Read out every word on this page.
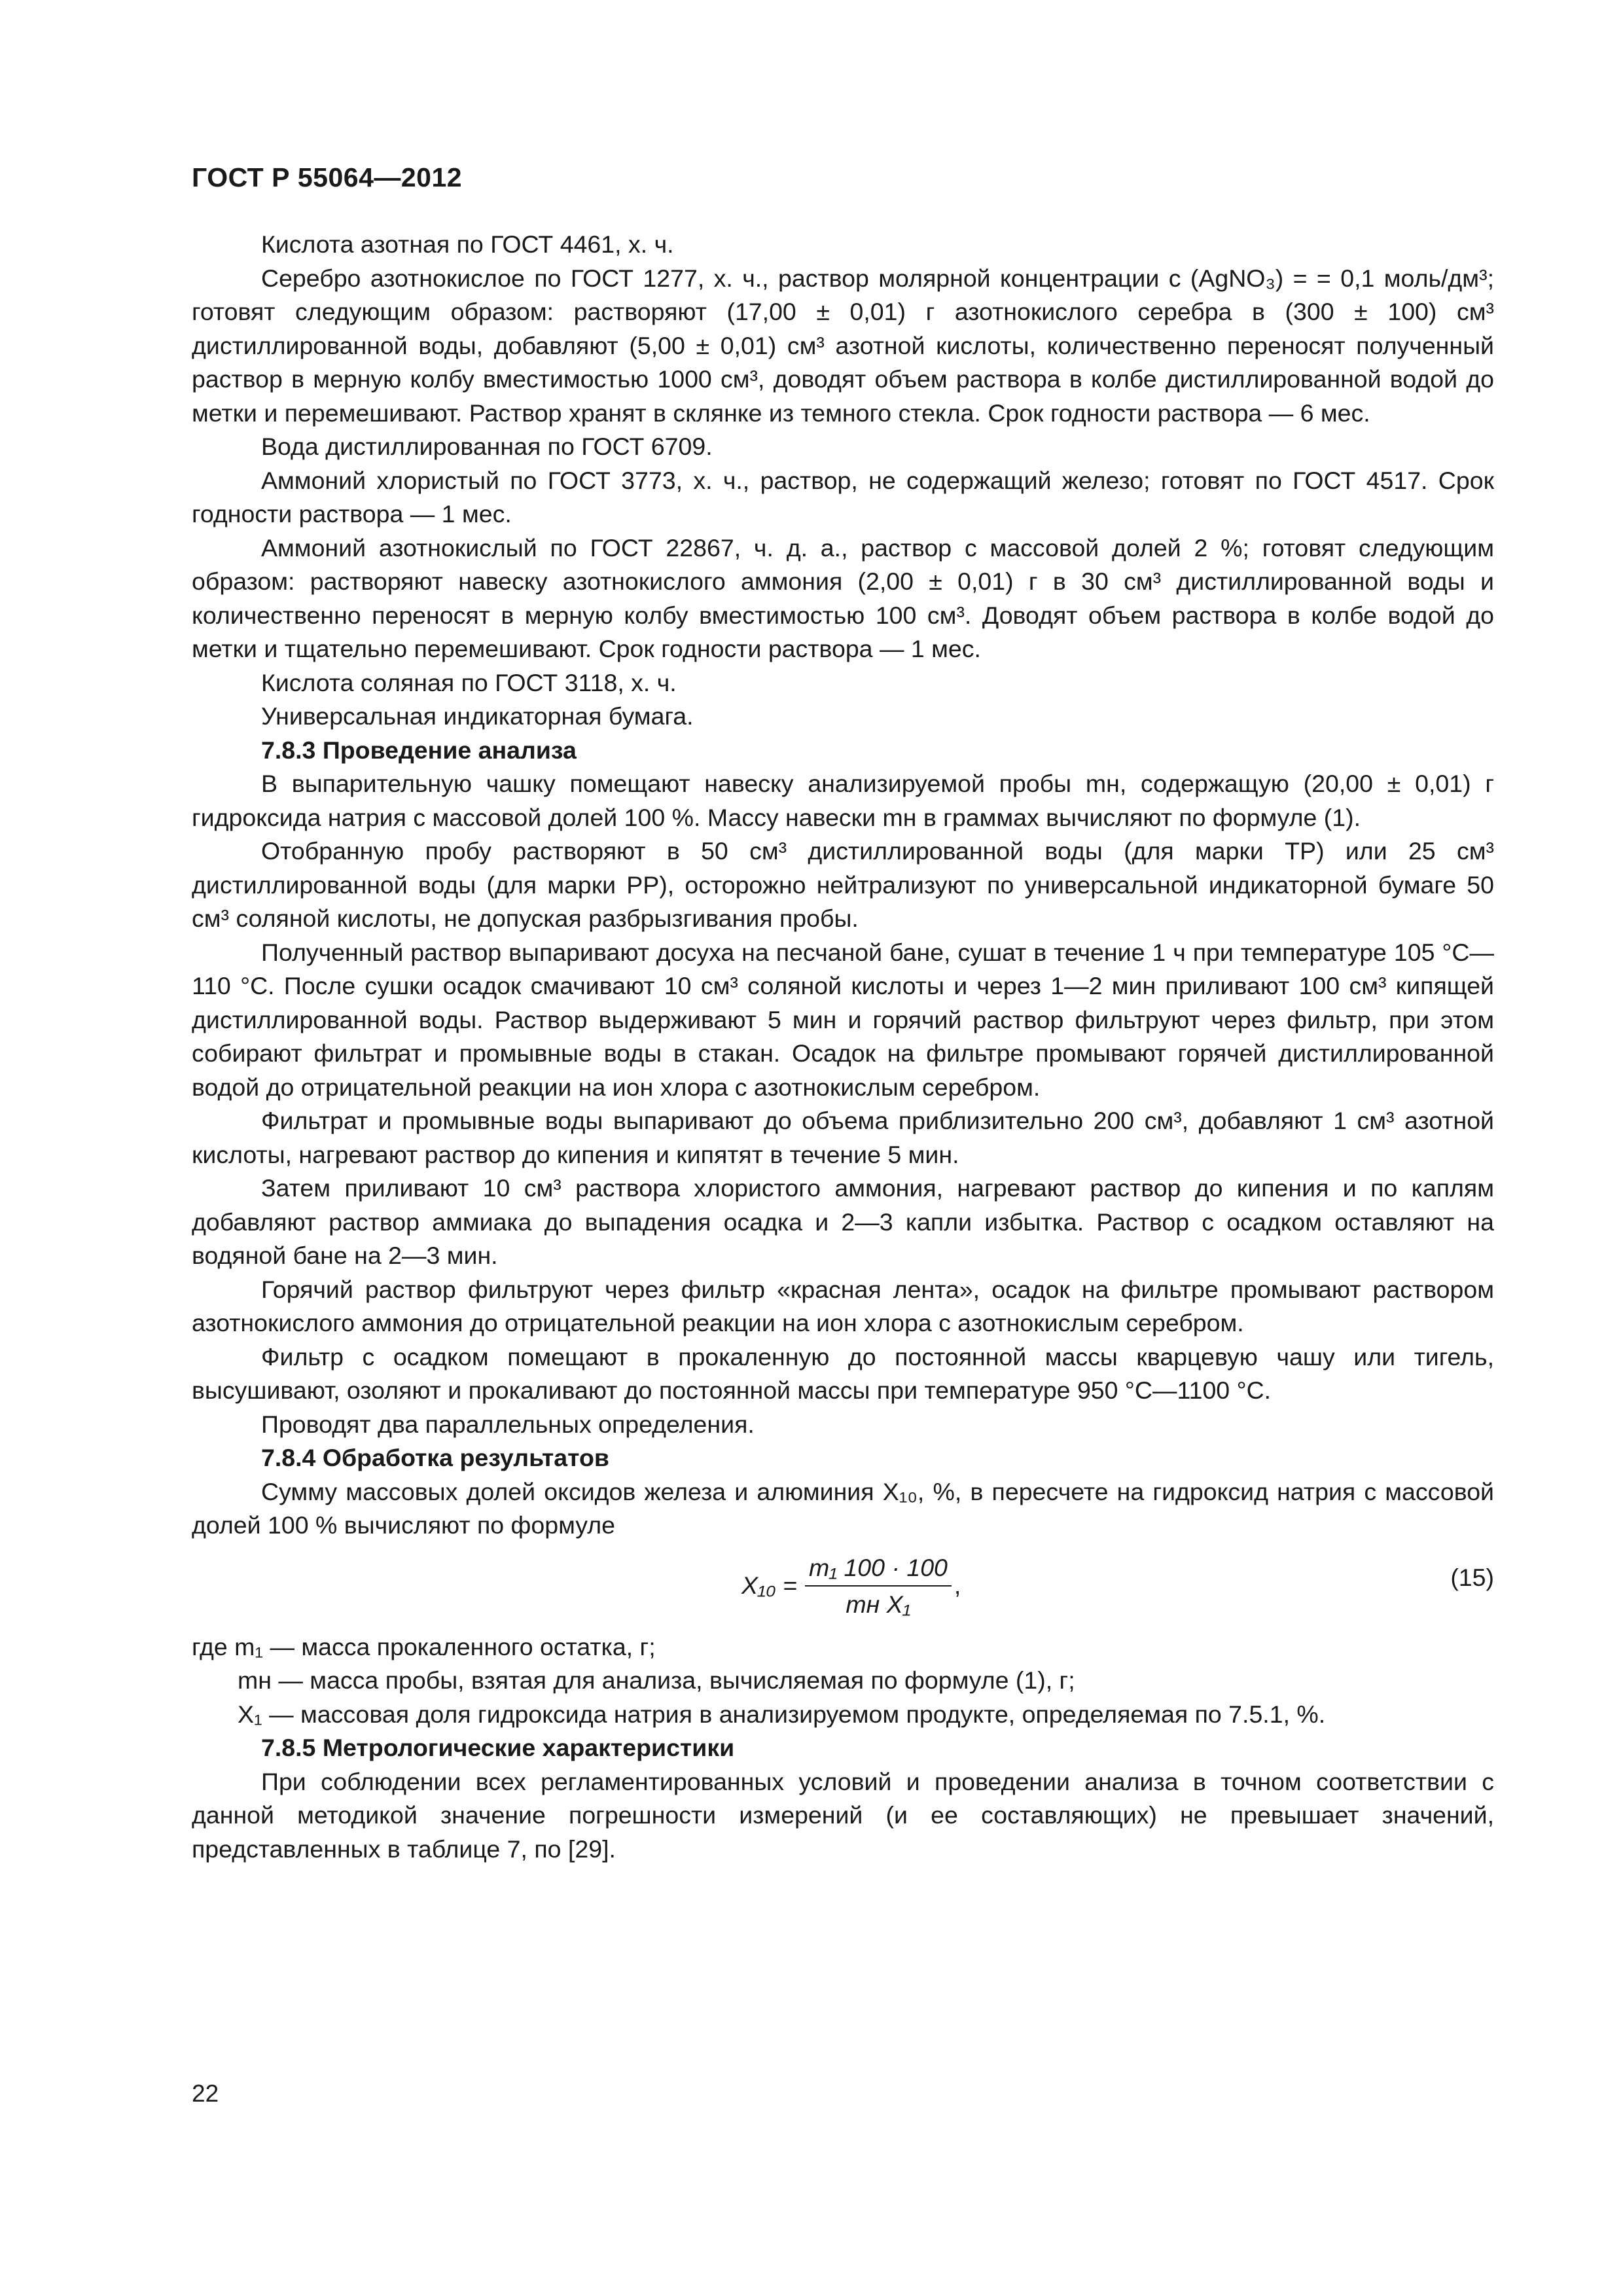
ГОСТ Р 55064—2012

Кислота азотная по ГОСТ 4461, х. ч.

Серебро азотнокислое по ГОСТ 1277, х. ч., раствор молярной концентрации c (AgNO₃) = = 0,1 моль/дм³; готовят следующим образом: растворяют (17,00 ± 0,01) г азотнокислого серебра в (300 ± 100) см³ дистиллированной воды, добавляют (5,00 ± 0,01) см³ азотной кислоты, количественно переносят полученный раствор в мерную колбу вместимостью 1000 см³, доводят объем раствора в колбе дистиллированной водой до метки и перемешивают. Раствор хранят в склянке из темного стекла. Срок годности раствора — 6 мес.

Вода дистиллированная по ГОСТ 6709.

Аммоний хлористый по ГОСТ 3773, х. ч., раствор, не содержащий железо; готовят по ГОСТ 4517. Срок годности раствора — 1 мес.

Аммоний азотнокислый по ГОСТ 22867, ч. д. а., раствор с массовой долей 2 %; готовят следующим образом: растворяют навеску азотнокислого аммония (2,00 ± 0,01) г в 30 см³ дистиллированной воды и количественно переносят в мерную колбу вместимостью 100 см³. Доводят объем раствора в колбе водой до метки и тщательно перемешивают. Срок годности раствора — 1 мес.

Кислота соляная по ГОСТ 3118, х. ч.

Универсальная индикаторная бумага.

7.8.3 Проведение анализа

В выпарительную чашку помещают навеску анализируемой пробы mн, содержащую (20,00 ± 0,01) г гидроксида натрия с массовой долей 100 %. Массу навески mн в граммах вычисляют по формуле (1).

Отобранную пробу растворяют в 50 см³ дистиллированной воды (для марки ТР) или 25 см³ дистиллированной воды (для марки РР), осторожно нейтрализуют по универсальной индикаторной бумаге 50 см³ соляной кислоты, не допуская разбрызгивания пробы.

Полученный раствор выпаривают досуха на песчаной бане, сушат в течение 1 ч при температуре 105 °С—110 °С. После сушки осадок смачивают 10 см³ соляной кислоты и через 1—2 мин приливают 100 см³ кипящей дистиллированной воды. Раствор выдерживают 5 мин и горячий раствор фильтруют через фильтр, при этом собирают фильтрат и промывные воды в стакан. Осадок на фильтре промывают горячей дистиллированной водой до отрицательной реакции на ион хлора с азотнокислым серебром.

Фильтрат и промывные воды выпаривают до объема приблизительно 200 см³, добавляют 1 см³ азотной кислоты, нагревают раствор до кипения и кипятят в течение 5 мин.

Затем приливают 10 см³ раствора хлористого аммония, нагревают раствор до кипения и по каплям добавляют раствор аммиака до выпадения осадка и 2—3 капли избытка. Раствор с осадком оставляют на водяной бане на 2—3 мин.

Горячий раствор фильтруют через фильтр «красная лента», осадок на фильтре промывают раствором азотнокислого аммония до отрицательной реакции на ион хлора с азотнокислым серебром.

Фильтр с осадком помещают в прокаленную до постоянной массы кварцевую чашу или тигель, высушивают, озоляют и прокаливают до постоянной массы при температуре 950 °С—1100 °С.

Проводят два параллельных определения.

7.8.4 Обработка результатов

Сумму массовых долей оксидов железа и алюминия X₁₀, %, в пересчете на гидроксид натрия с массовой долей 100 % вычисляют по формуле

$X_{10} = \frac{\text{m₁ 100 · 100}}{\text{mн X₁}}$ ,	(15)

где m₁ — масса прокаленного остатка, г;

mн — масса пробы, взятая для анализа, вычисляемая по формуле (1), г;

X₁ — массовая доля гидроксида натрия в анализируемом продукте, определяемая по 7.5.1, %.

7.8.5 Метрологические характеристики

При соблюдении всех регламентированных условий и проведении анализа в точном соответствии с данной методикой значение погрешности измерений (и ее составляющих) не превышает значений, представленных в таблице 7, по [29].

22
